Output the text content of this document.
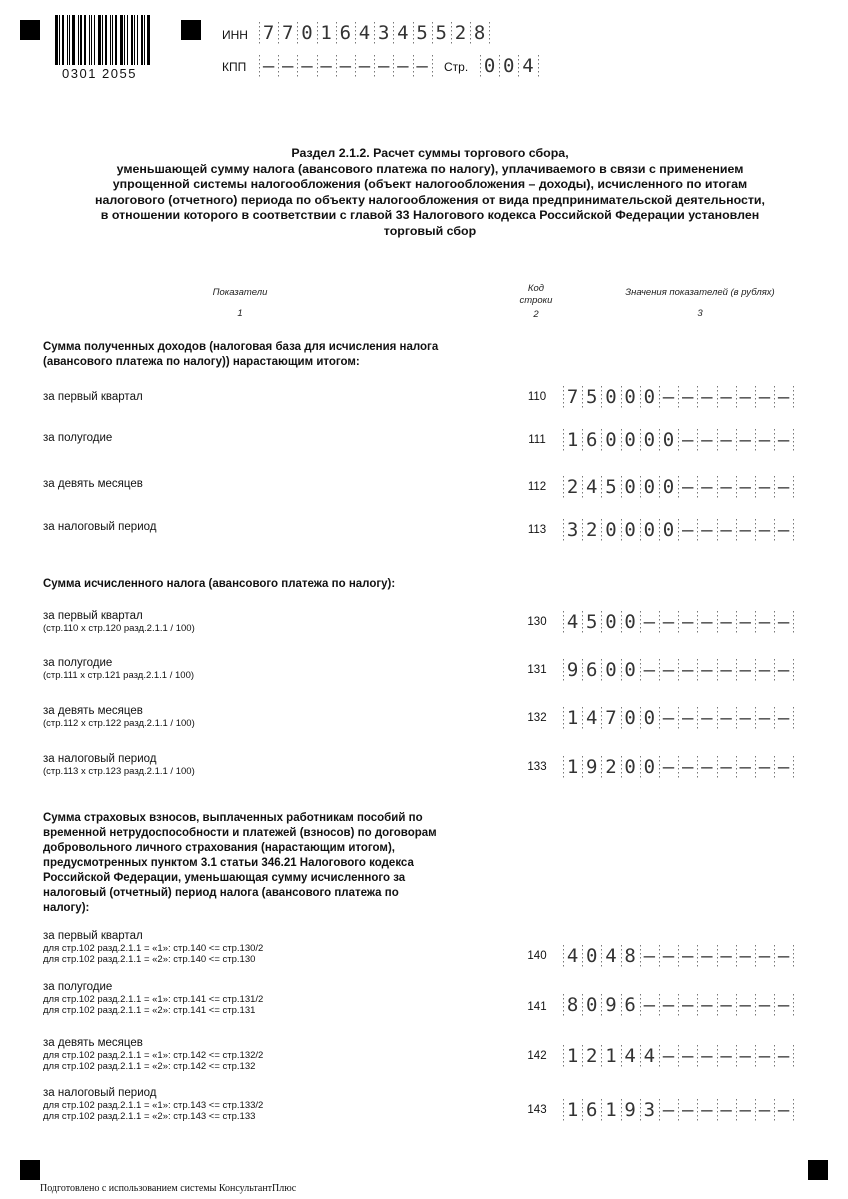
0301 2055
ИНН 7 7 0 1 6 4 3 4 5 5 2 8
КПП – – – – – – – – –	Стр. 0 0 4
Раздел 2.1.2. Расчет суммы торгового сбора,
уменьшающей сумму налога (авансового платежа по налогу), уплачиваемого в связи с применением
упрощенной системы налогообложения (объект налогообложения – доходы), исчисленного по итогам
налогового (отчетного) периода по объекту налогообложения от вида предпринимательской деятельности,
в отношении которого в соответствии с главой 33 Налогового кодекса Российской Федерации установлен
торговый сбор
Показатели
1
Код
строки
2
Значения показателей (в рублях)
3
Сумма полученных доходов (налоговая база для исчисления налога
(авансового платежа по налогу)) нарастающим итогом:
за первый квартал	110	7 5 0 0 0 – – – – – – –
за полугодие	111	1 6 0 0 0 0 – – – – – –
за девять месяцев	112	2 4 5 0 0 0 – – – – – –
за налоговый период	113	3 2 0 0 0 0 – – – – – –
Сумма исчисленного налога (авансового платежа по налогу):
за первый квартал
(стр.110 х стр.120 разд.2.1.1 / 100)
130	4 5 0 0 – – – – – – – –
за полугодие
(стр.111 х стр.121 разд.2.1.1 / 100)	131	9 6 0 0 – – – – – – – –
за девять месяцев
(стр.112 х стр.122 разд.2.1.1 / 100)	132	1 4 7 0 0 – – – – – – –
за налоговый период
(стр.113 х стр.123 разд.2.1.1 / 100)	133	1 9 2 0 0 – – – – – – –
Сумма страховых взносов, выплаченных работникам пособий по
временной нетрудоспособности и платежей (взносов) по договорам
добровольного личного страхования (нарастающим итогом),
предусмотренных пунктом 3.1 статьи 346.21 Налогового кодекса
Российской Федерации, уменьшающая сумму исчисленного за
налоговый (отчетный) период налога (авансового платежа по
налогу):
за первый квартал
для стр.102 разд.2.1.1 = «1»: стр.140 <= стр.130/2
для стр.102 разд.2.1.1 = «2»: стр.140 <= стр.130	140	4 0 4 8 – – – – – – – –
за полугодие
для стр.102 разд.2.1.1 = «1»: стр.141 <= стр.131/2
для стр.102 разд.2.1.1 = «2»: стр.141 <= стр.131	141	8 0 9 6 – – – – – – – –
за девять месяцев
для стр.102 разд.2.1.1 = «1»: стр.142 <= стр.132/2
для стр.102 разд.2.1.1 = «2»: стр.142 <= стр.132
142	1 2 1 4 4 – – – – – – –
за налоговый период
для стр.102 разд.2.1.1 = «1»: стр.143 <= стр.133/2
для стр.102 разд.2.1.1 = «2»: стр.143 <= стр.133
143	1 6 1 9 3 – – – – – – –
Подготовлено с использованием системы КонсультантПлюс
